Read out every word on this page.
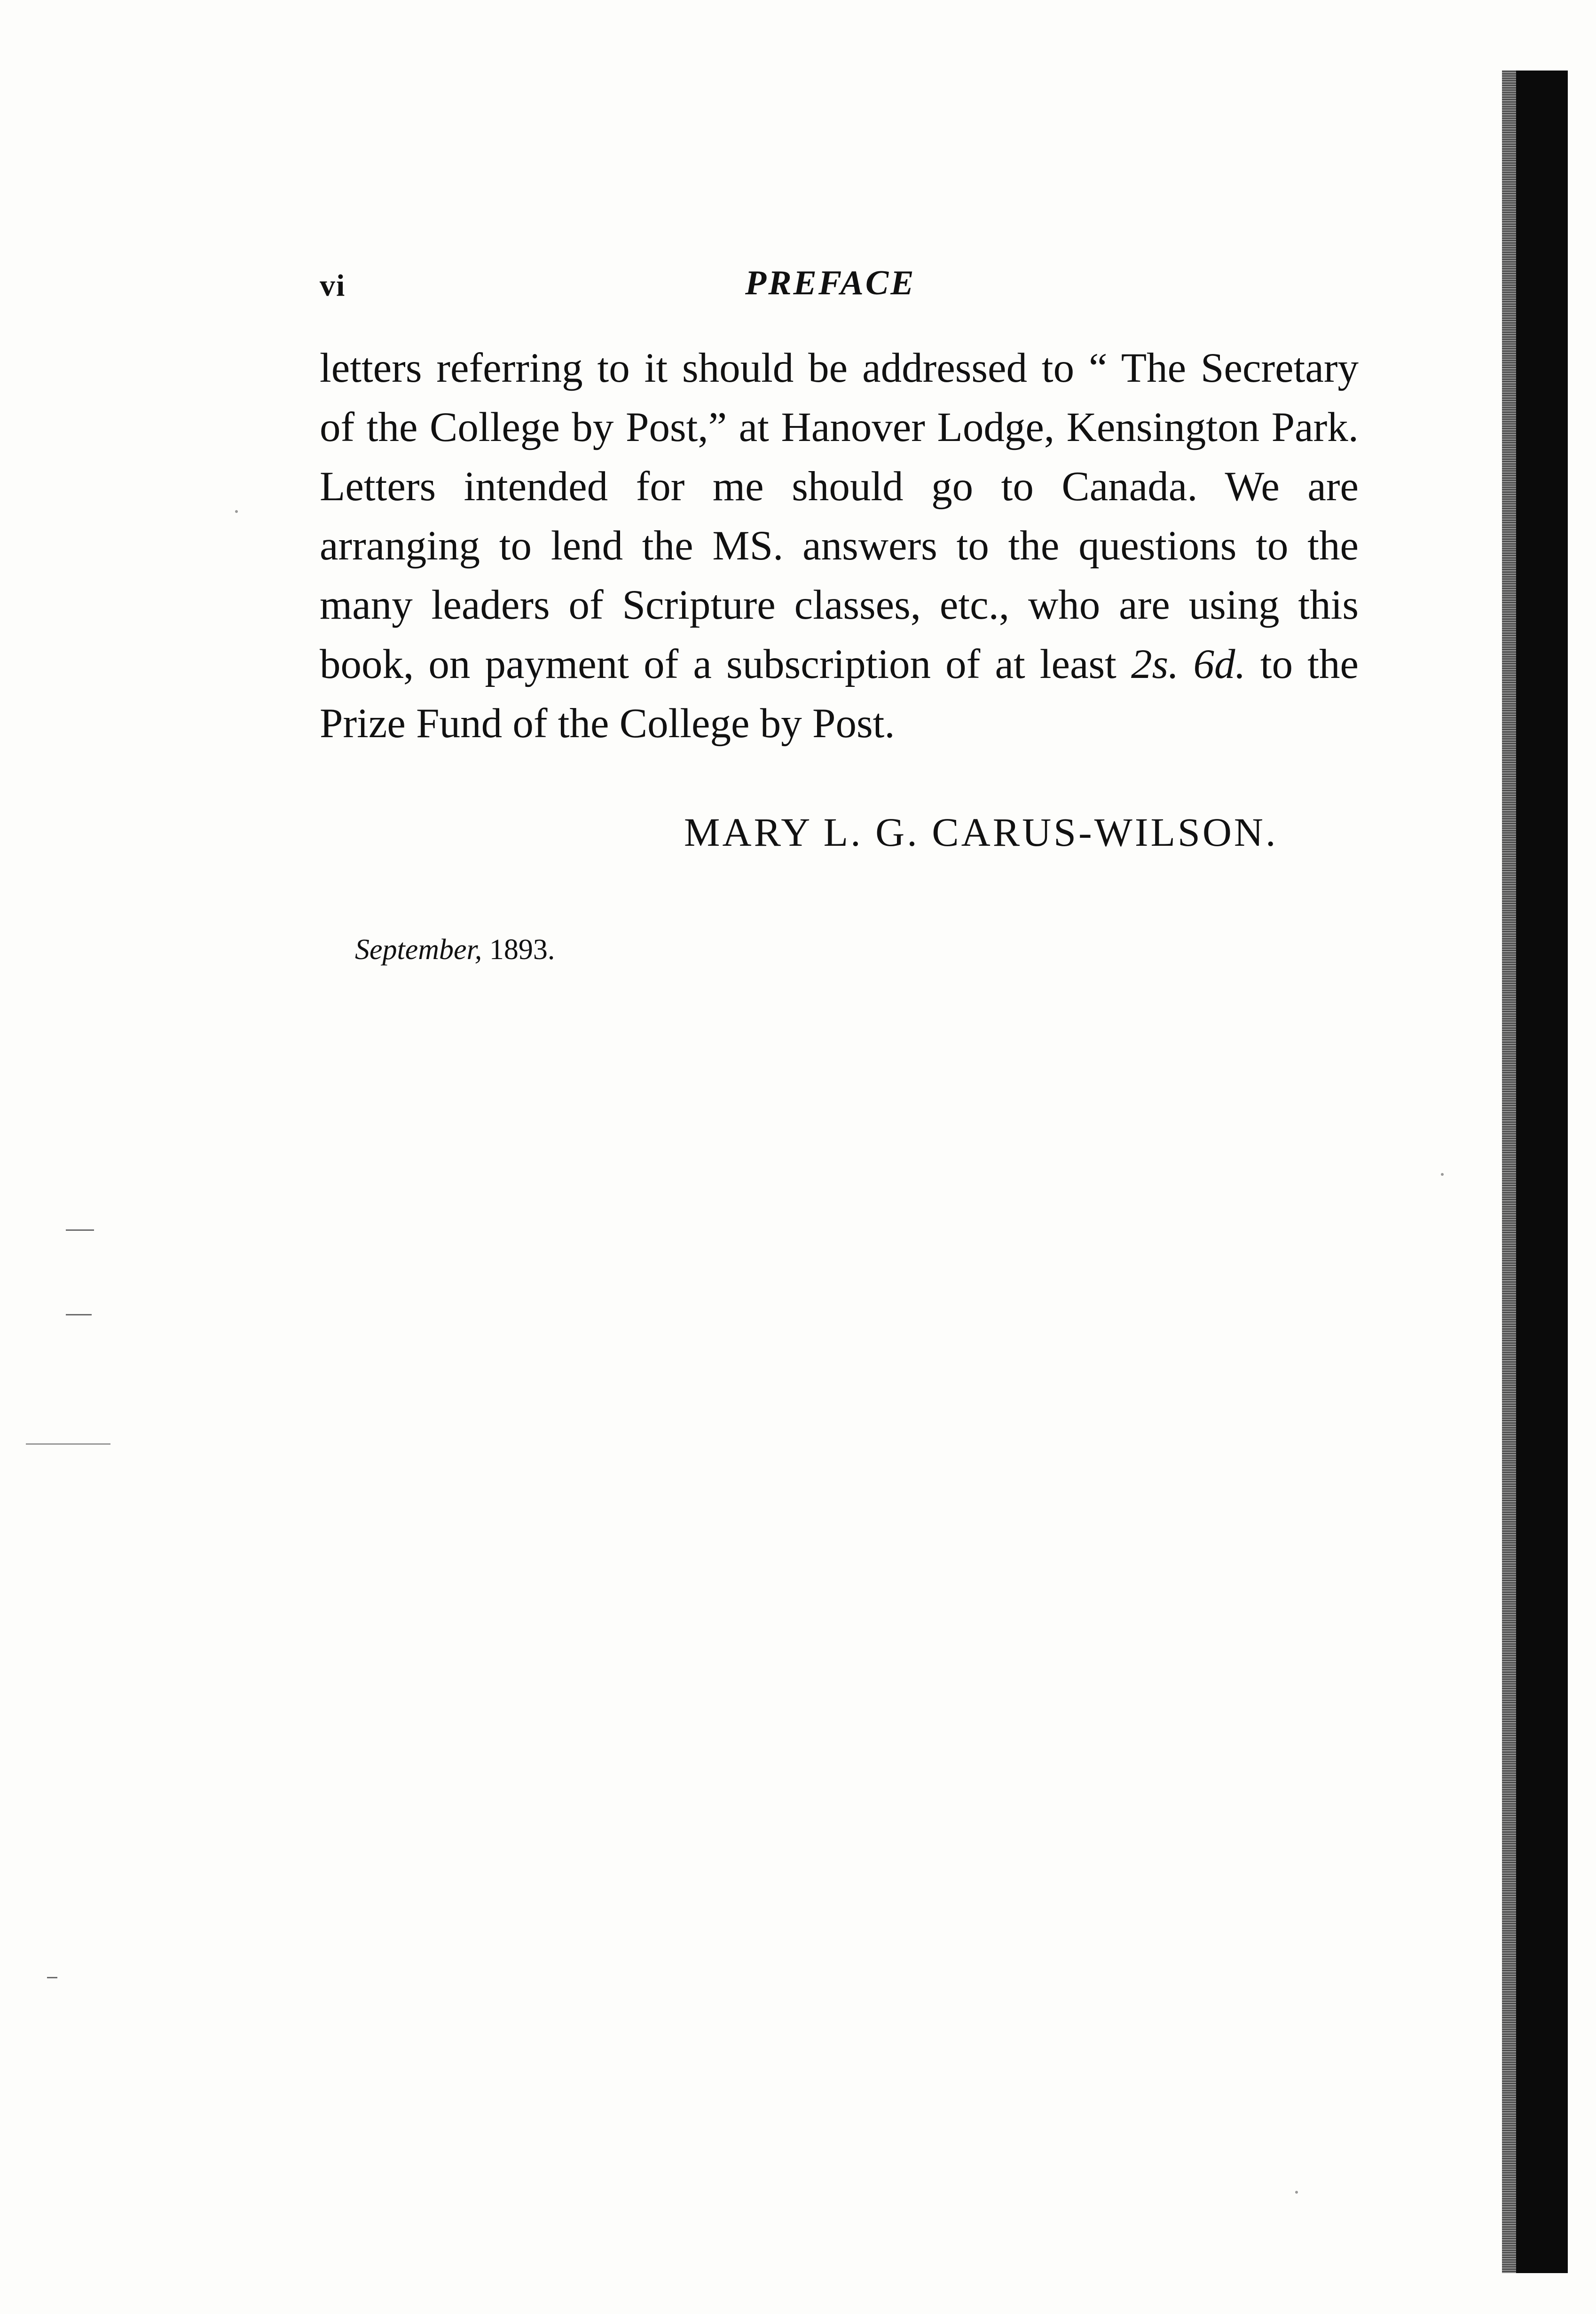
vi	PREFACE

letters referring to it should be addressed to “ The Secretary of the College by Post,” at Hanover Lodge, Kensington Park. Letters intended for me should go to Canada. We are arranging to lend the MS. answers to the questions to the many leaders of Scripture classes, etc., who are using this book, on payment of a subscription of at least 2s. 6d. to the Prize Fund of the College by Post.

MARY L. G. CARUS-WILSON.
September, 1893.
